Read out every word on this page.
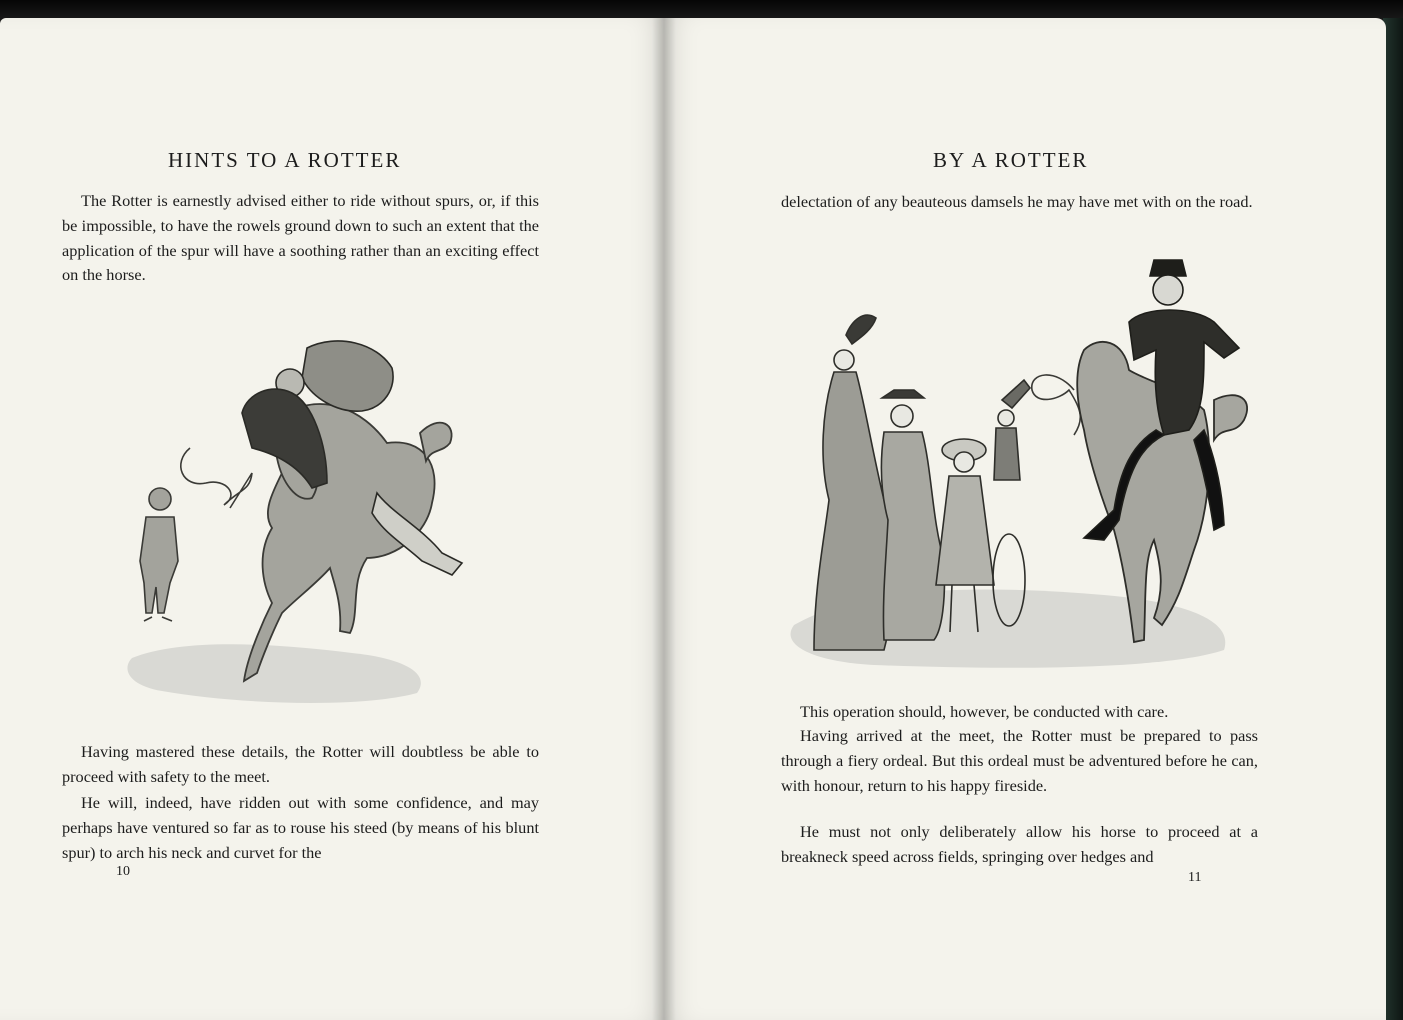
HINTS TO A ROTTER

The Rotter is earnestly advised either to ride without spurs, or, if this be impossible, to have the rowels ground down to such an extent that the application of the spur will have a soothing rather than an exciting effect on the horse.

Having mastered these details, the Rotter will doubtless be able to proceed with safety to the meet.

He will, indeed, have ridden out with some confidence, and may perhaps have ventured so far as to rouse his steed (by means of his blunt spur) to arch his neck and curvet for the

10
BY A ROTTER

delectation of any beauteous damsels he may have met with on the road.

This operation should, however, be conducted with care.

Having arrived at the meet, the Rotter must be prepared to pass through a fiery ordeal. But this ordeal must be adventured before he can, with honour, return to his happy fireside.

He must not only deliberately allow his horse to proceed at a breakneck speed across fields, springing over hedges and

11
